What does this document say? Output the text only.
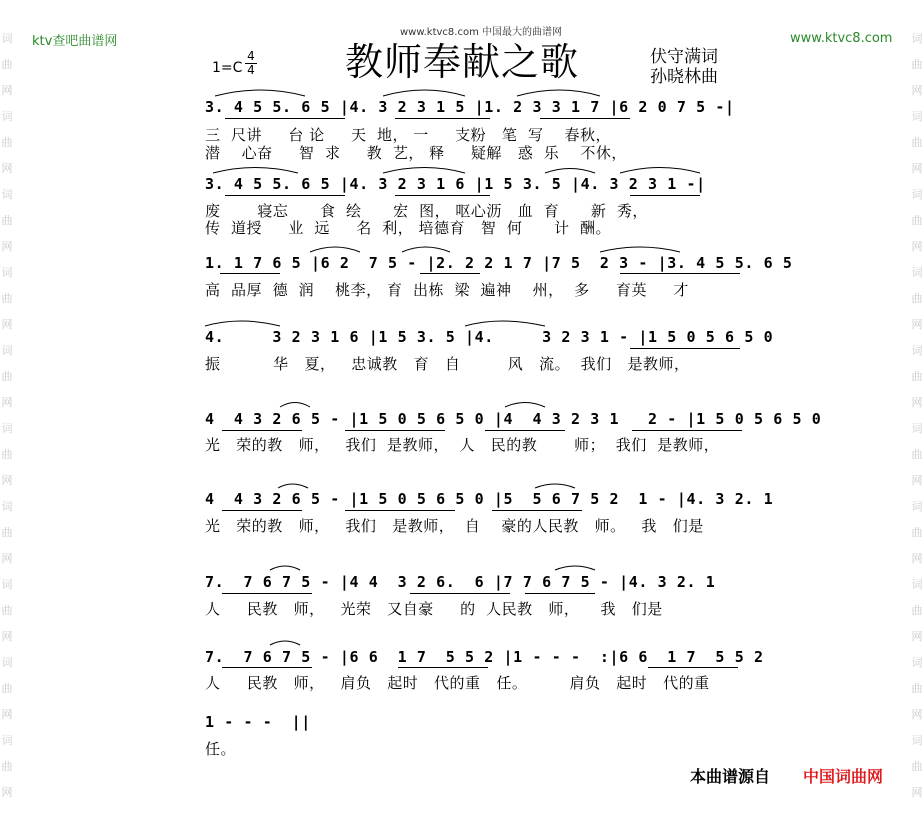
词
曲
网
词
曲
网
词
曲
网
词
曲
网
词
曲
网
词
曲
网
词
曲
网
词
曲
网
词
曲
网
词
曲
网
词
曲
网
词
曲
网
词
曲
网
词
曲
网
词
曲
网
词
曲
网
词
曲
网
词
曲
网
词
曲
网
词
曲
网
ktv查吧曲谱网
www.ktvc8.com 中国最大的曲谱网	www.ktvc8.com
教师奉献之歌	伏守满词
孙晓林曲
1=C
4
4
3. 4 5 5. 6 5 |4. 3 2 3 1 5 |1. 2 3 3 1 7 |6 2 0 7 5 -|
三  尺讲     台 论     天  地， 一     支粉   笔  写    春秋，
潜    心奋     智  求     教  艺， 释     疑解   惑  乐    不休，
3. 4 5 5. 6 5 |4. 3 2 3 1 6 |1 5 3. 5 |4. 3 2 3 1 -|
废       寝忘      食  绘      宏  图， 呕心沥   血  育      新  秀，
传  道授     业  远     名  利， 培德育   智  何      计  酬。
1. 1 7 6 5 |6 2  7 5 - |2. 2 2 1 7 |7 5  2 3 - |3. 4 5 5. 6 5
高  品厚  德  润    桃李， 育  出栋  梁  遍神    州，  多     育英     才
4.     3 2 3 1 6 |1 5 3. 5 |4.     3 2 3 1 - |1 5 0 5 6 5 0
振          华   夏，   忠诚教   育   自         风   流。  我们   是教师，
4  4 3 2 6 5 - |1 5 0 5 6 5 0 |4  4 3 2 3 1   2 - |1 5 0 5 6 5 0
光   荣的教   师，   我们  是教师，  人   民的教       师；  我们  是教师，
4  4 3 2 6 5 - |1 5 0 5 6 5 0 |5  5 6 7 5 2  1 - |4. 3 2. 1
光   荣的教   师，   我们   是教师，  自    豪的人民教   师。   我   们是
7.  7 6 7 5 - |4 4  3 2 6.  6 |7 7 6 7 5 - |4. 3 2. 1
人     民教   师，   光荣   又自豪     的  人民教   师，    我   们是
7.  7 6 7 5 - |6 6  1 7  5 5 2 |1 - - -  :|6 6  1 7  5 5 2
人     民教   师，   肩负   起时   代的重   任。        肩负   起时   代的重
1 - - -  ||
任。
本曲谱源自 中国词曲网
